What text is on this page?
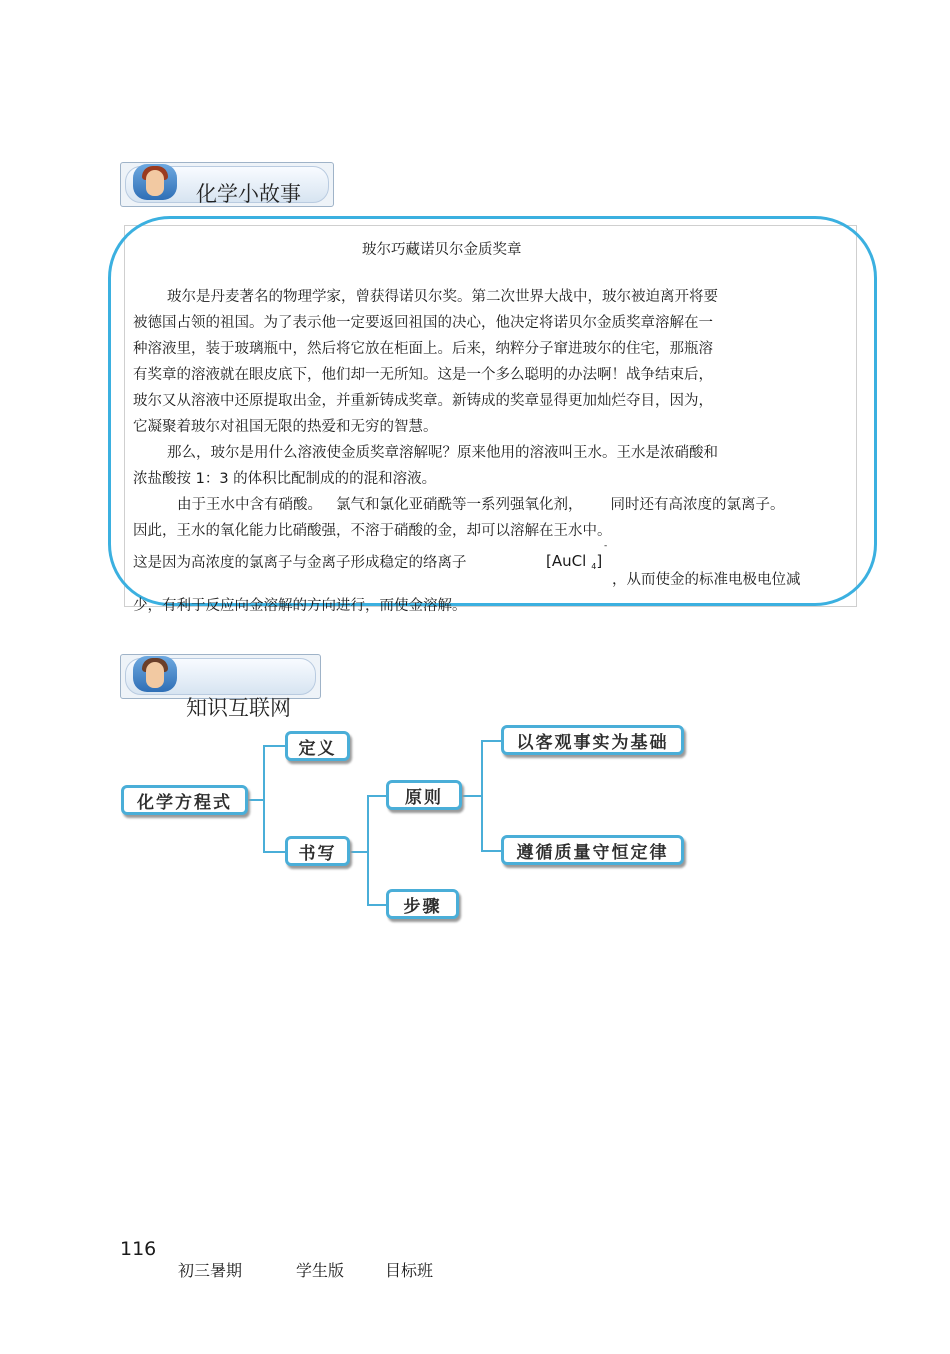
化学小故事
玻尔巧藏诺贝尔金质奖章
玻尔是丹麦著名的物理学家，曾获得诺贝尔奖。第二次世界大战中，玻尔被迫离开将要
被德国占领的祖国。为了表示他一定要返回祖国的决心，他决定将诺贝尔金质奖章溶解在一
种溶液里，装于玻璃瓶中，然后将它放在柜面上。后来，纳粹分子窜进玻尔的住宅，那瓶溶
有奖章的溶液就在眼皮底下，他们却一无所知。这是一个多么聪明的办法啊！战争结束后，
玻尔又从溶液中还原提取出金，并重新铸成奖章。新铸成的奖章显得更加灿烂夺目，因为，
它凝聚着玻尔对祖国无限的热爱和无穷的智慧。
那么，玻尔是用什么溶液使金质奖章溶解呢？原来他用的溶液叫王水。王水是浓硝酸和
浓盐酸按 1：3 的体积比配制成的的混和溶液。
由于王水中含有硝酸。 氯气和氯化亚硝酰等一系列强氧化剂， 同时还有高浓度的氯离子。
因此，王水的氧化能力比硝酸强，不溶于硝酸的金，却可以溶解在王水中。
这是因为高浓度的氯离子与金离子形成稳定的络离子	[AuCl $_4$]
-
，从而使金的标准电极电位减
少，有利于反应向金溶解的方向进行，而使金溶解。
知识互联网
化学方程式
定义
书写
原则
步骤
以客观事实为基础
遵循质量守恒定律
116
初三暑期	学生版	目标班
